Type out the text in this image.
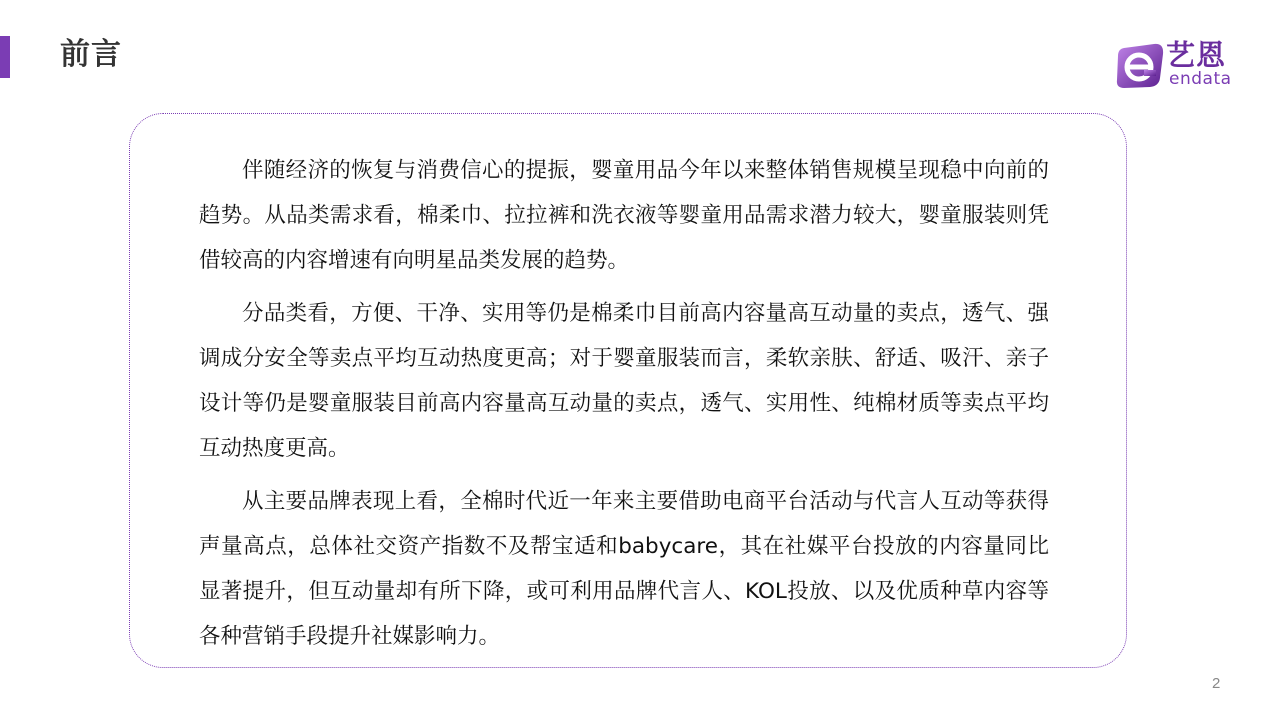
前言	艺恩
endata

伴随经济的恢复与消费信心的提振，婴童用品今年以来整体销售规模呈现稳中向前的趋势。从品类需求看，棉柔巾、拉拉裤和洗衣液等婴童用品需求潜力较大，婴童服装则凭借较高的内容增速有向明星品类发展的趋势。

分品类看，方便、干净、实用等仍是棉柔巾目前高内容量高互动量的卖点，透气、强调成分安全等卖点平均互动热度更高；对于婴童服装而言，柔软亲肤、舒适、吸汗、亲子设计等仍是婴童服装目前高内容量高互动量的卖点，透气、实用性、纯棉材质等卖点平均互动热度更高。

从主要品牌表现上看，全棉时代近一年来主要借助电商平台活动与代言人互动等获得声量高点，总体社交资产指数不及帮宝适和babycare，其在社媒平台投放的内容量同比显著提升，但互动量却有所下降，或可利用品牌代言人、KOL投放、以及优质种草内容等各种营销手段提升社媒影响力。

2
